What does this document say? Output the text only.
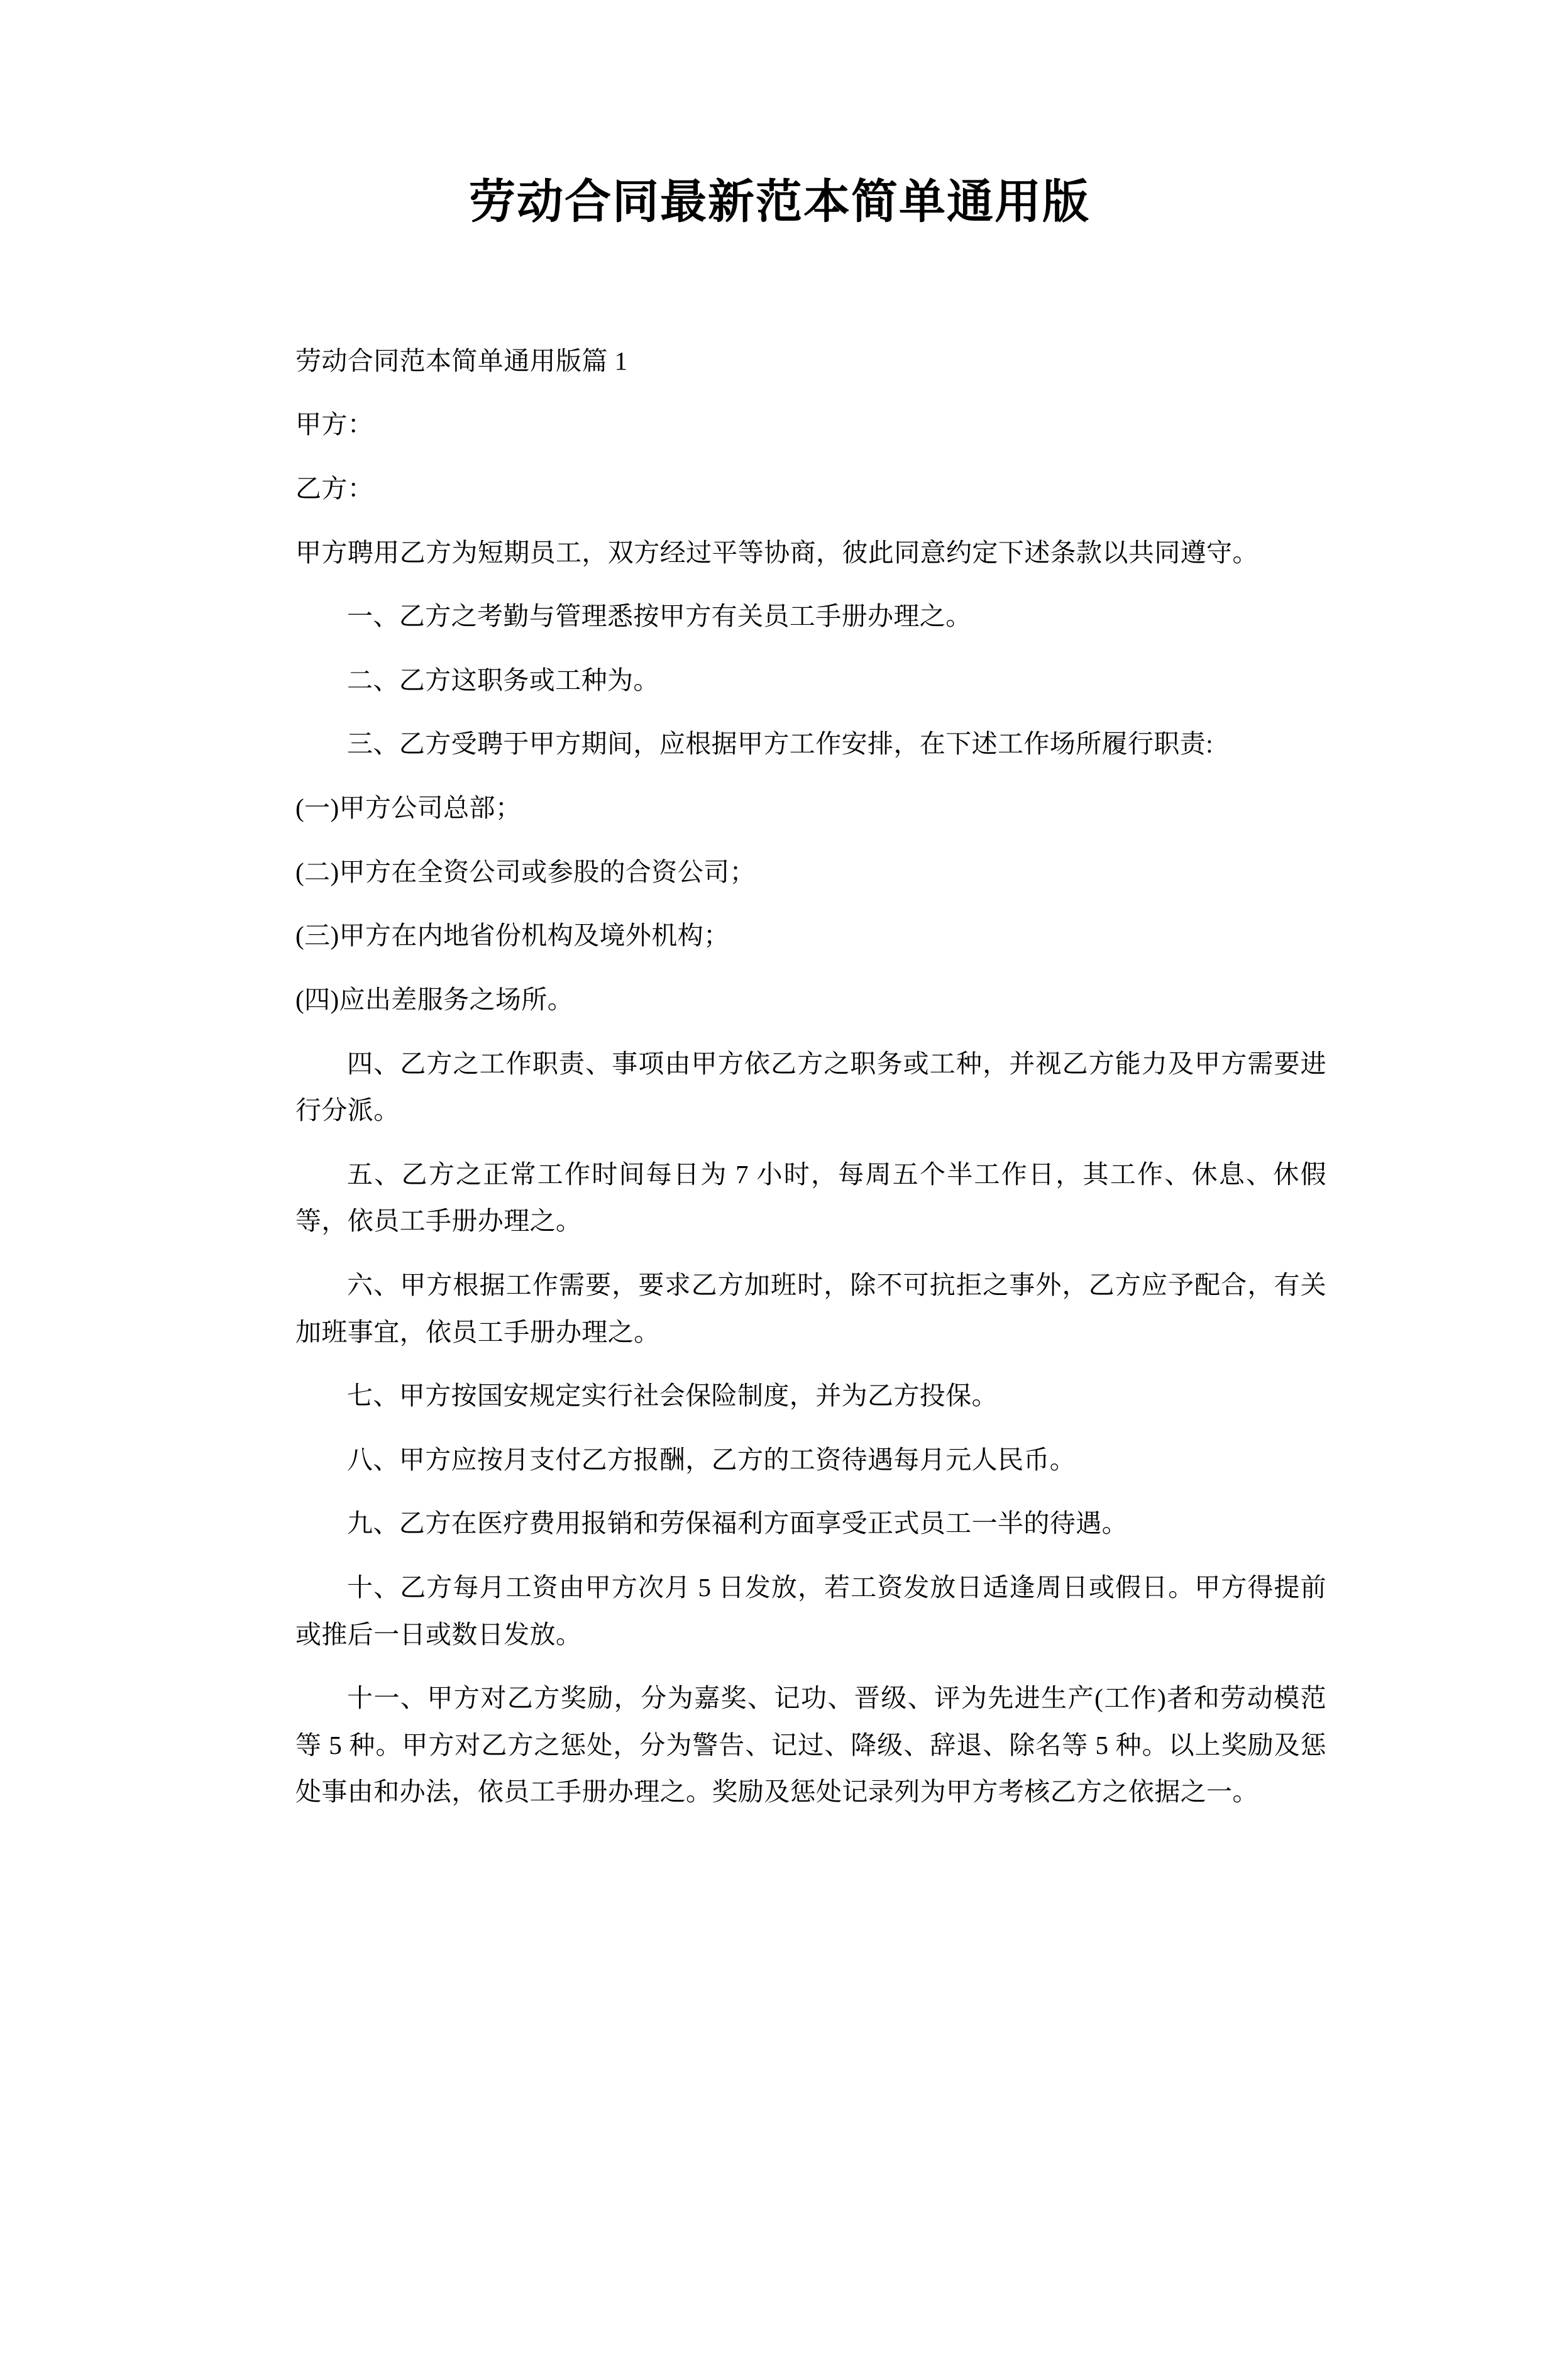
劳动合同最新范本简单通用版

劳动合同范本简单通用版篇 1

甲方：

乙方：

甲方聘用乙方为短期员工，双方经过平等协商，彼此同意约定下述条款以共同遵守。

一、乙方之考勤与管理悉按甲方有关员工手册办理之。

二、乙方这职务或工种为。

三、乙方受聘于甲方期间，应根据甲方工作安排，在下述工作场所履行职责:

(一)甲方公司总部；

(二)甲方在全资公司或参股的合资公司；

(三)甲方在内地省份机构及境外机构；

(四)应出差服务之场所。

四、乙方之工作职责、事项由甲方依乙方之职务或工种，并视乙方能力及甲方需要进行分派。

五、乙方之正常工作时间每日为 7 小时，每周五个半工作日，其工作、休息、休假等，依员工手册办理之。

六、甲方根据工作需要，要求乙方加班时，除不可抗拒之事外，乙方应予配合，有关加班事宜，依员工手册办理之。

七、甲方按国安规定实行社会保险制度，并为乙方投保。

八、甲方应按月支付乙方报酬，乙方的工资待遇每月元人民币。

九、乙方在医疗费用报销和劳保福利方面享受正式员工一半的待遇。

十、乙方每月工资由甲方次月 5 日发放，若工资发放日适逢周日或假日。甲方得提前或推后一日或数日发放。

十一、甲方对乙方奖励，分为嘉奖、记功、晋级、评为先进生产(工作)者和劳动模范等 5 种。甲方对乙方之惩处，分为警告、记过、降级、辞退、除名等 5 种。以上奖励及惩处事由和办法，依员工手册办理之。奖励及惩处记录列为甲方考核乙方之依据之一。
